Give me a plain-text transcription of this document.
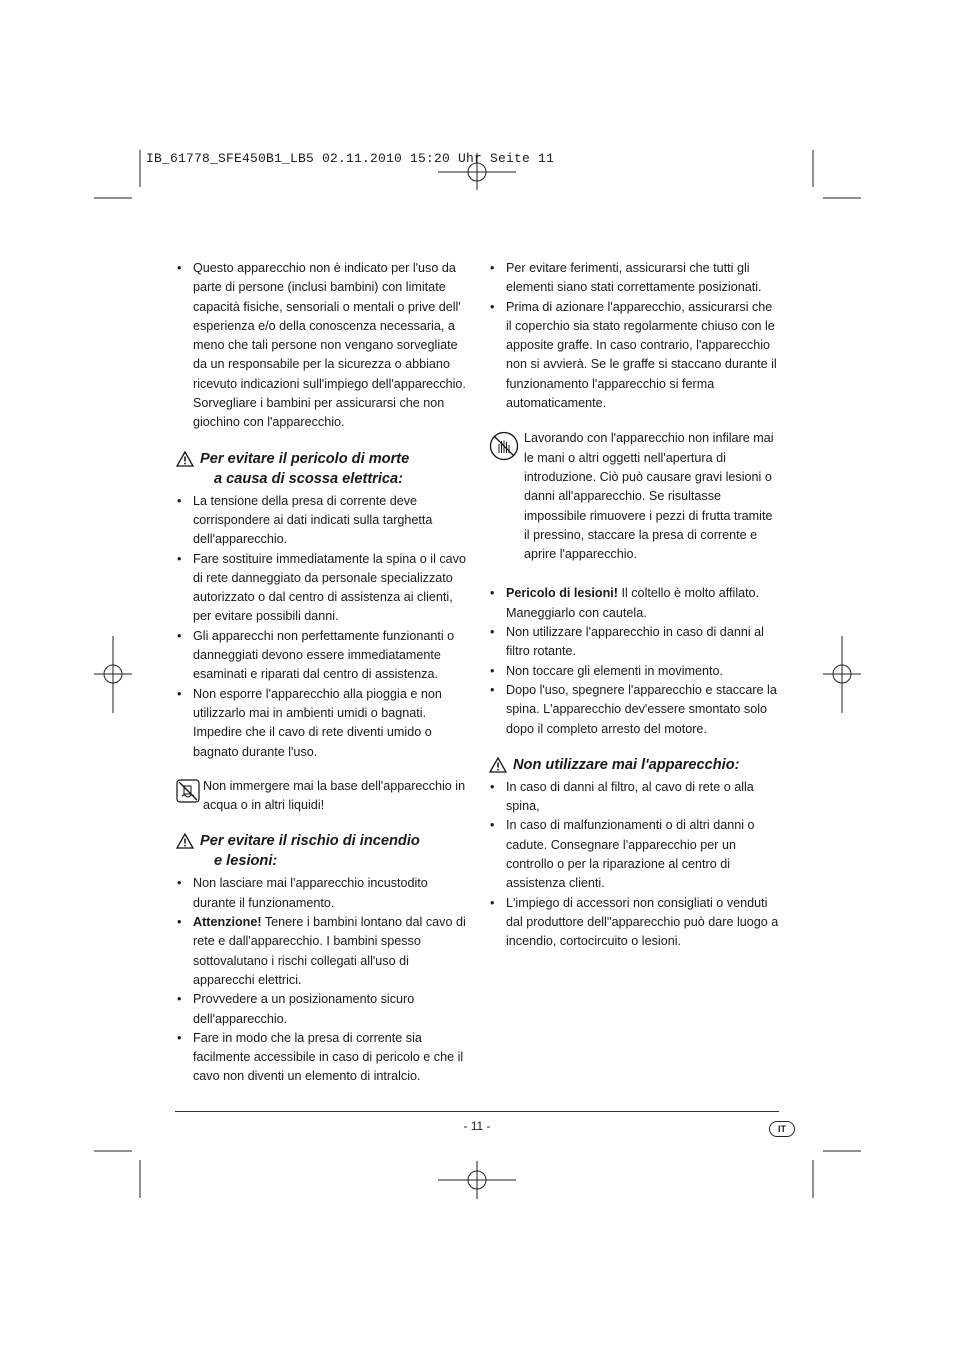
IB_61778_SFE450B1_LB5 02.11.2010 15:20 Uhr Seite 11
• Questo apparecchio non è indicato per l'uso da parte di persone (inclusi bambini) con limitate capacità fisiche, sensoriali o mentali o prive dell' esperienza e/o della conoscenza necessaria, a meno che tali persone non vengano sorvegliate da un responsabile per la sicurezza o abbiano ricevuto indicazioni sull'impiego dell'apparecchio. Sorvegliare i bambini per assicurarsi che non giochino con l'apparecchio.
Per evitare il pericolo di morte
a causa di scossa elettrica:
• La tensione della presa di corrente deve corrispondere ai dati indicati sulla targhetta dell'apparecchio.
• Fare sostituire immediatamente la spina o il cavo di rete danneggiato da personale specializzato autorizzato o dal centro di assistenza ai clienti, per evitare possibili danni.
• Gli apparecchi non perfettamente funzionanti o danneggiati devono essere immediatamente esaminati e riparati dal centro di assistenza.
• Non esporre l'apparecchio alla pioggia e non utilizzarlo mai in ambienti umidi o bagnati. Impedire che il cavo di rete diventi umido o bagnato durante l'uso.
Non immergere mai la base dell'apparecchio in acqua o in altri liquidi!
Per evitare il rischio di incendio
e lesioni:
• Non lasciare mai l'apparecchio incustodito durante il funzionamento.
• Attenzione! Tenere i bambini lontano dal cavo di rete e dall'apparecchio. I bambini spesso sottovalutano i rischi collegati all'uso di apparecchi elettrici.
• Provvedere a un posizionamento sicuro dell'apparecchio.
• Fare in modo che la presa di corrente sia facilmente accessibile in caso di pericolo e che il cavo non diventi un elemento di intralcio.
• Per evitare ferimenti, assicurarsi che tutti gli elementi siano stati correttamente posizionati.
• Prima di azionare l'apparecchio, assicurarsi che il coperchio sia stato regolarmente chiuso con le apposite graffe. In caso contrario, l'apparecchio non si avvierà. Se le graffe si staccano durante il funzionamento l'apparecchio si ferma automaticamente.
Lavorando con l'apparecchio non infilare mai le mani o altri oggetti nell'apertura di introduzione. Ciò può causare gravi lesioni o danni all'apparecchio. Se risultasse impossibile rimuovere i pezzi di frutta tramite il pressino, staccare la presa di corrente e aprire l'apparecchio.
• Pericolo di lesioni! Il coltello è molto affilato. Maneggiarlo con cautela.
• Non utilizzare l'apparecchio in caso di danni al filtro rotante.
• Non toccare gli elementi in movimento.
• Dopo l'uso, spegnere l'apparecchio e staccare la spina. L'apparecchio dev'essere smontato solo dopo il completo arresto del motore.
Non utilizzare mai l'apparecchio:
• In caso di danni al filtro, al cavo di rete o alla spina,
• In caso di malfunzionamenti o di altri danni o cadute. Consegnare l'apparecchio per un controllo o per la riparazione al centro di assistenza clienti.
• L'impiego di accessori non consigliati o venduti dal produttore dell''apparecchio può dare luogo a incendio, cortocircuito o lesioni.
- 11 -	IT
